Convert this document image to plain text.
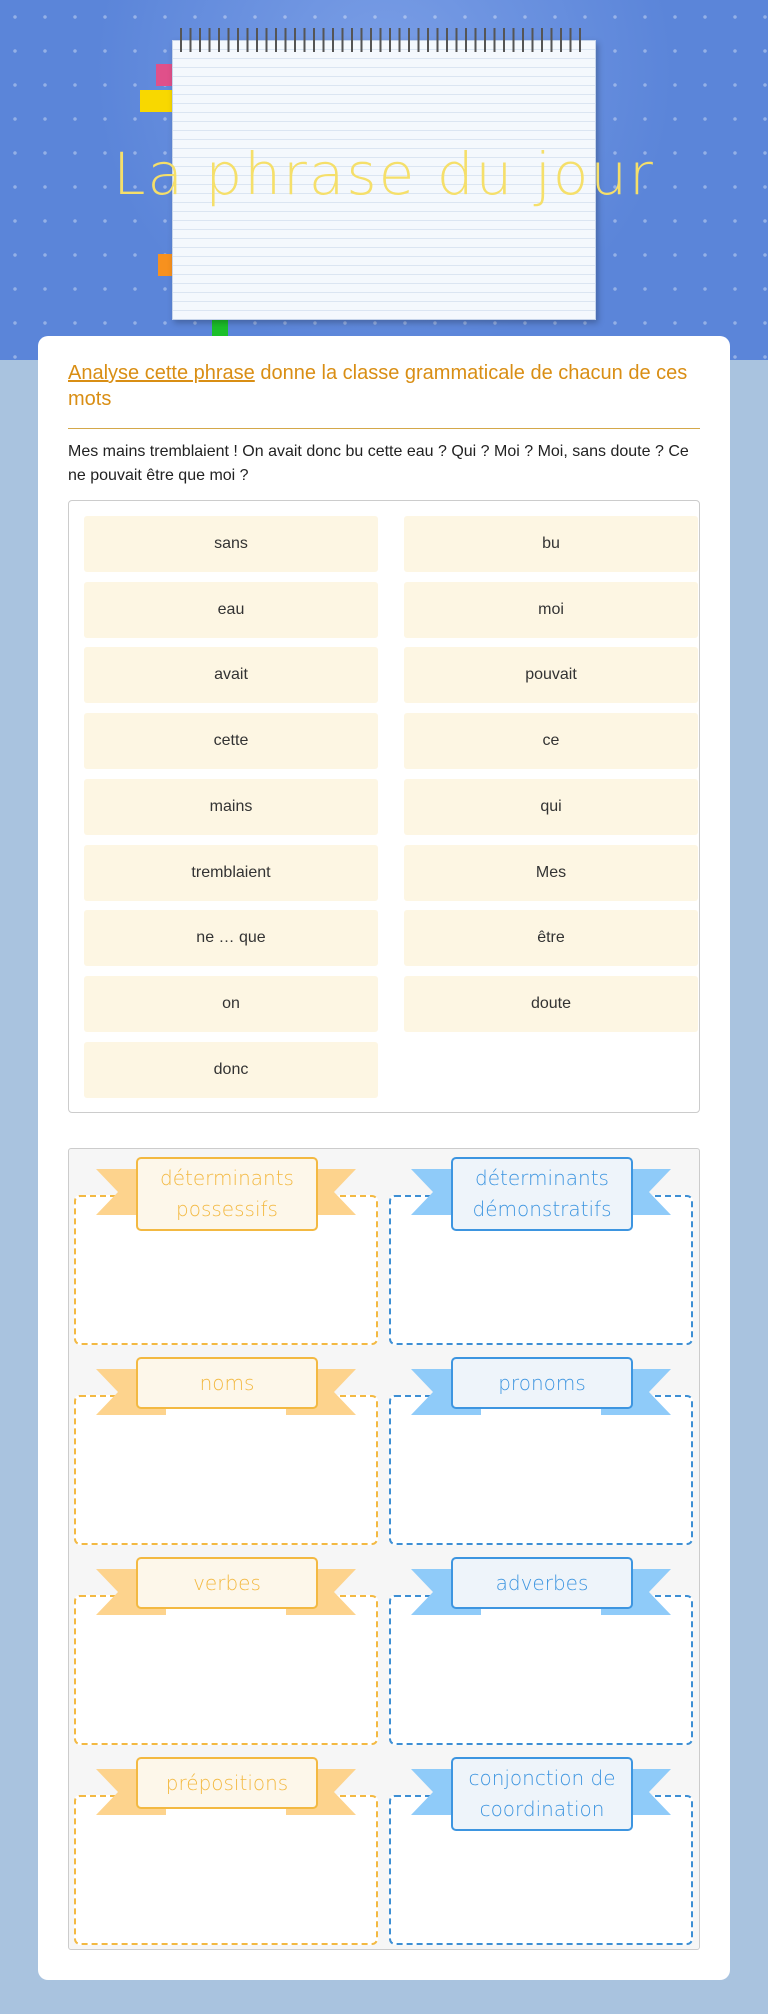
La phrase du jour
Analyse cette phrase donne la classe grammaticale de chacun de ces mots
Mes mains tremblaient ! On avait donc bu cette eau ? Qui ? Moi ? Moi, sans doute ? Ce ne pouvait être que moi ?
sans	bu
eau	moi
avait	pouvait
cette	ce
mains	qui
tremblaient	Mes
ne … que	être
on	doute
donc
déterminants possessifs
déterminants démonstratifs
noms	pronoms
verbes	adverbes
prépositions	conjonction de coordination
